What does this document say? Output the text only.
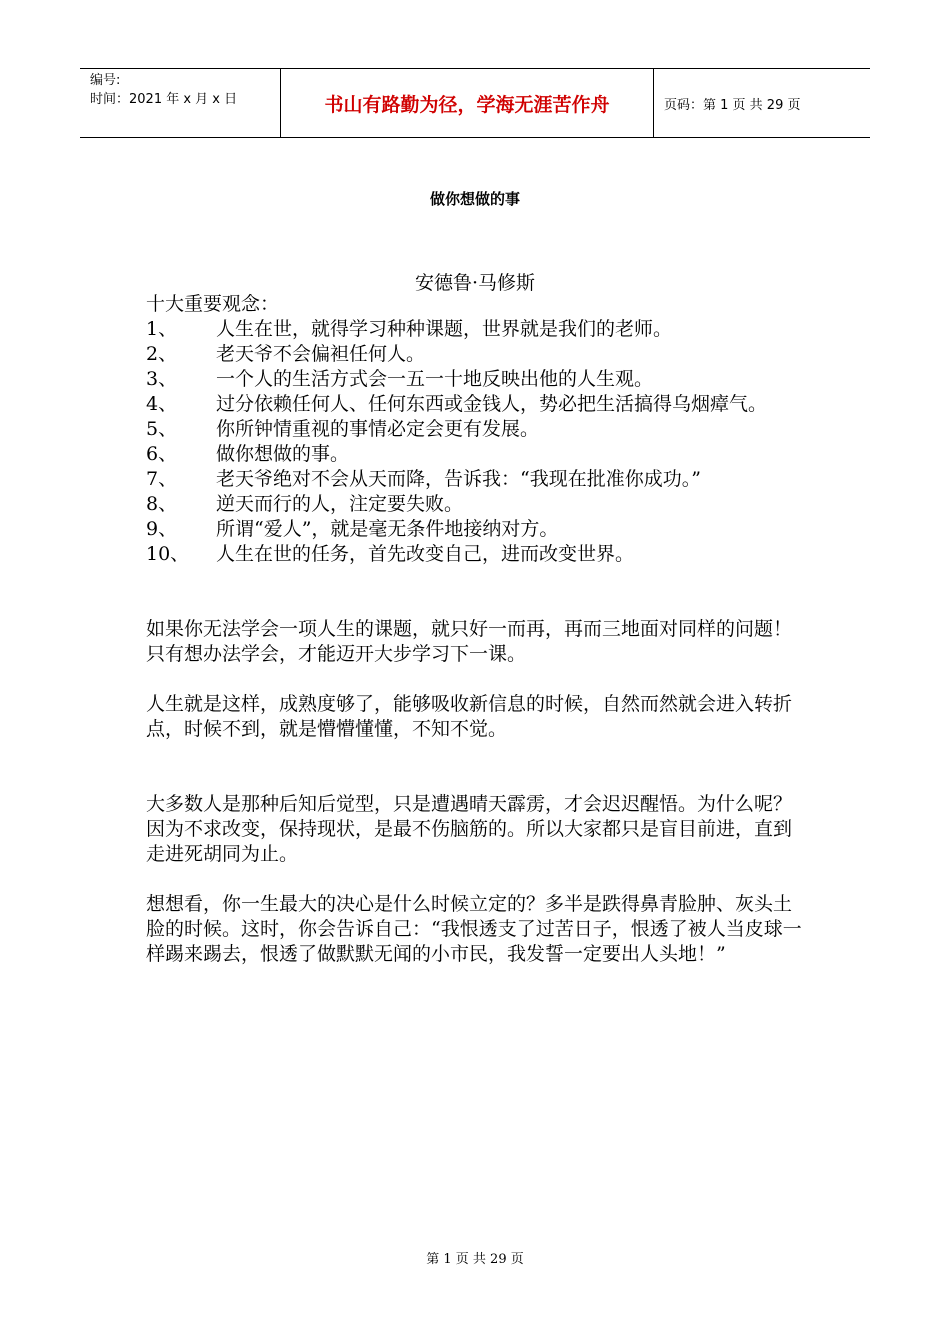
编号:
时间：2021 年 x 月 x 日	书山有路勤为径，学海无涯苦作舟	页码：第 1 页 共 29 页
做你想做的事
安德鲁·马修斯

十大重要观念：

1、 人生在世，就得学习种种课题，世界就是我们的老师。
2、 老天爷不会偏袒任何人。
3、 一个人的生活方式会一五一十地反映出他的人生观。
4、 过分依赖任何人、任何东西或金钱人，势必把生活搞得乌烟瘴气。
5、 你所钟情重视的事情必定会更有发展。
6、 做你想做的事。
7、 老天爷绝对不会从天而降，告诉我：“我现在批准你成功。”
8、 逆天而行的人，注定要失败。
9、 所谓“爱人”，就是毫无条件地接纳对方。
10、 人生在世的任务，首先改变自己，进而改变世界。

如果你无法学会一项人生的课题，就只好一而再，再而三地面对同样的问题！只有想办法学会，才能迈开大步学习下一课。

人生就是这样，成熟度够了，能够吸收新信息的时候，自然而然就会进入转折点，时候不到，就是懵懵懂懂，不知不觉。

大多数人是那种后知后觉型，只是遭遇晴天霹雳，才会迟迟醒悟。为什么呢？因为不求改变，保持现状，是最不伤脑筋的。所以大家都只是盲目前进，直到走进死胡同为止。

想想看，你一生最大的决心是什么时候立定的？多半是跌得鼻青脸肿、灰头土脸的时候。这时，你会告诉自己：“我恨透支了过苦日子，恨透了被人当皮球一样踢来踢去，恨透了做默默无闻的小市民，我发誓一定要出人头地！”

第 1 页 共 29 页
